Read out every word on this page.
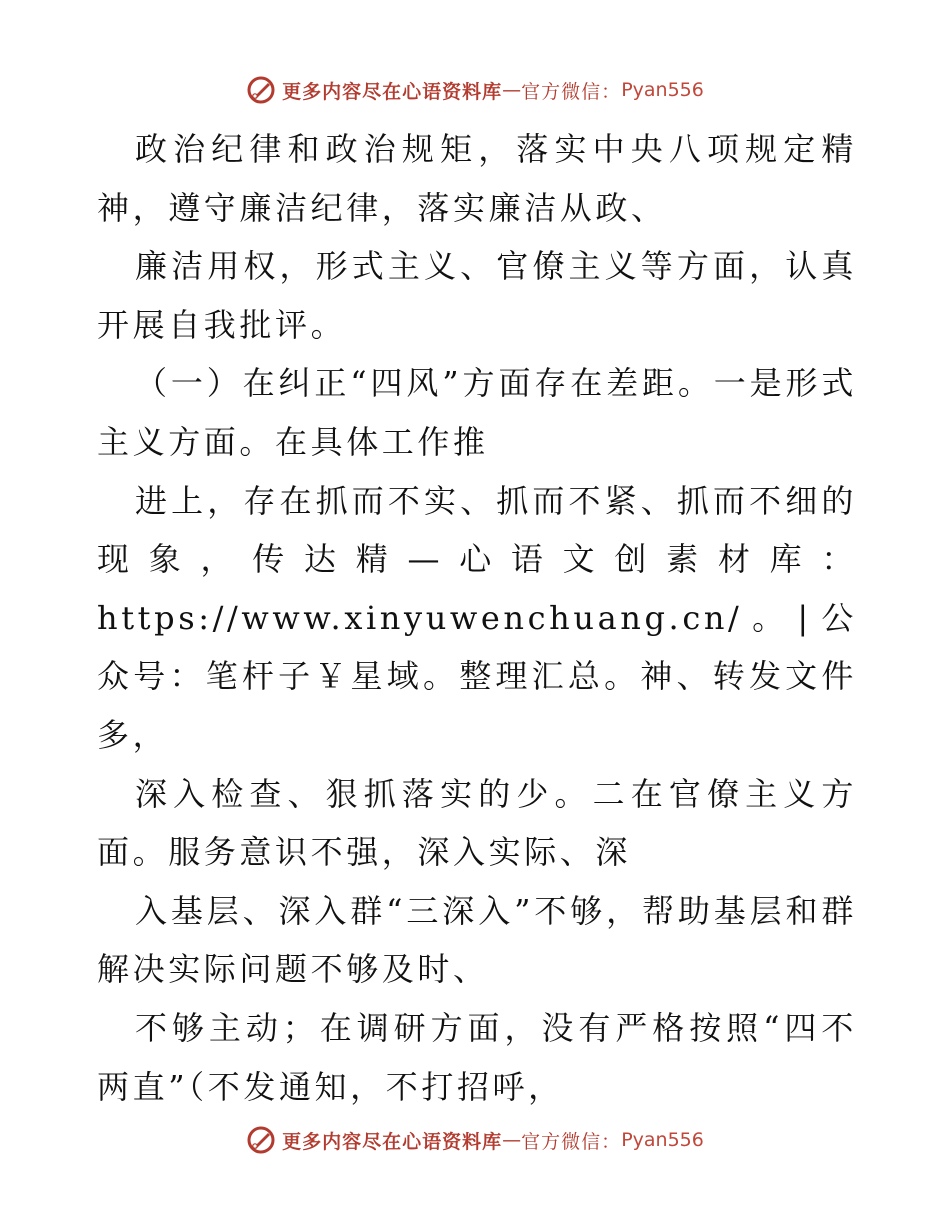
更多内容尽在心语资料库 — 官方微信： Pyan556

政治纪律和政治规矩，落实中央八项规定精神，遵守廉洁纪律，落实廉洁从政、

廉洁用权，形式主义、官僚主义等方面，认真开展自我批评。

（一）在纠正“四风”方面存在差距。一是形式主义方面。在具体工作推

进上，存在抓而不实、抓而不紧、抓而不细的现象，传达精—心语文创素材库：https://www.xinyuwenchuang.cn/。|公众号：笔杆子￥星域。整理汇总。神、转发文件多，

深入检查、狠抓落实的少。二在官僚主义方面。服务意识不强，深入实际、深

入基层、深入群“三深入”不够，帮助基层和群解决实际问题不够及时、

不够主动；在调研方面，没有严格按照“四不两直”（不发通知，不打招呼，

更多内容尽在心语资料库 — 官方微信： Pyan556
